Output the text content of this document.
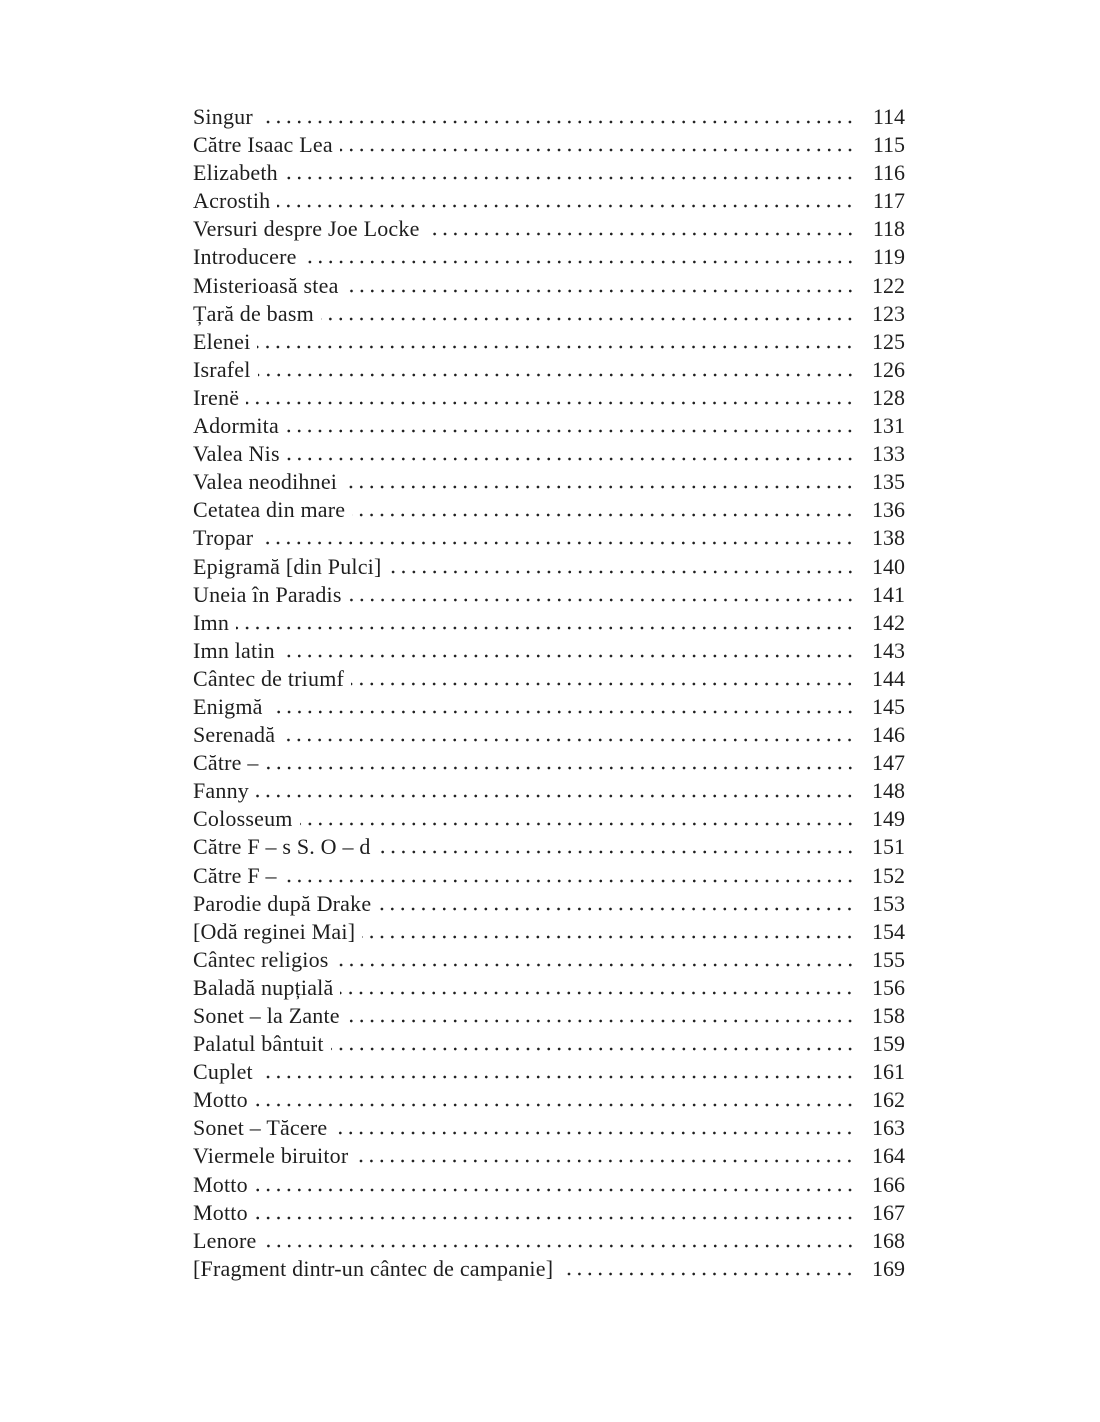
Singur	114
Către Isaac Lea	115
Elizabeth	116
Acrostih	117
Versuri despre Joe Locke	118
Introducere	119
Misterioasă stea	122
Țară de basm	123
Elenei	125
Israfel	126
Irenë	128
Adormita	131
Valea Nis	133
Valea neodihnei	135
Cetatea din mare	136
Tropar	138
Epigramă [din Pulci]	140
Uneia în Paradis	141
Imn	142
Imn latin	143
Cântec de triumf	144
Enigmă	145
Serenadă	146
Către –	147
Fanny	148
Colosseum	149
Către F – s S. O – d	151
Către F –	152
Parodie după Drake	153
[Odă reginei Mai]	154
Cântec religios	155
Baladă nupțială	156
Sonet – la Zante	158
Palatul bântuit	159
Cuplet	161
Motto	162
Sonet – Tăcere	163
Viermele biruitor	164
Motto	166
Motto	167
Lenore	168
[Fragment dintr-un cântec de campanie]	169
